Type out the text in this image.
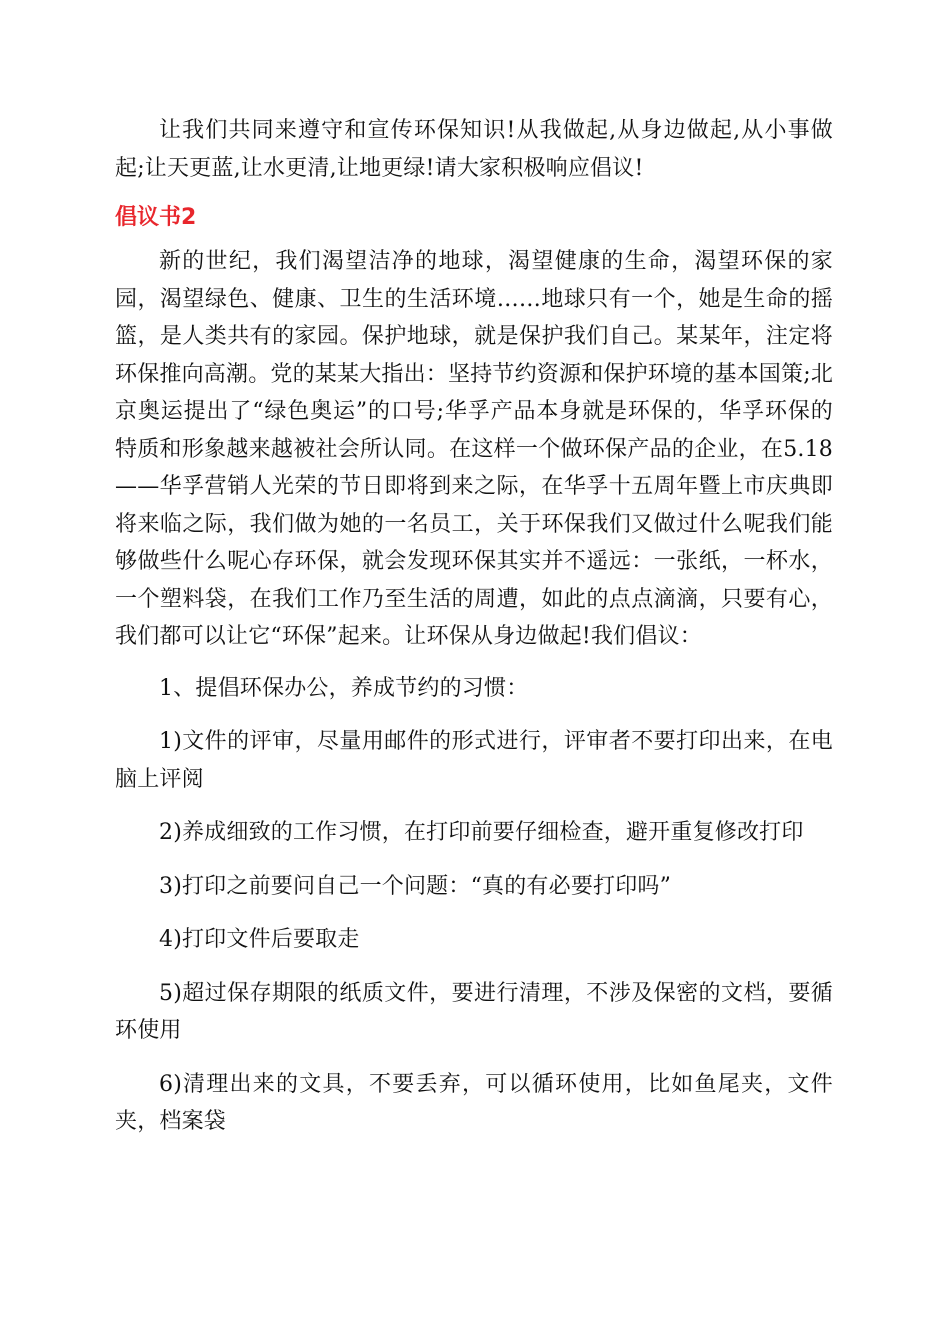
让我们共同来遵守和宣传环保知识!从我做起,从身边做起,从小事做起;让天更蓝,让水更清,让地更绿!请大家积极响应倡议!

倡议书2

新的世纪，我们渴望洁净的地球，渴望健康的生命，渴望环保的家园，渴望绿色、健康、卫生的生活环境……地球只有一个，她是生命的摇篮，是人类共有的家园。保护地球，就是保护我们自己。某某年，注定将环保推向高潮。党的某某大指出：坚持节约资源和保护环境的基本国策;北京奥运提出了“绿色奥运”的口号;华孚产品本身就是环保的，华孚环保的特质和形象越来越被社会所认同。在这样一个做环保产品的企业，在5.18——华孚营销人光荣的节日即将到来之际，在华孚十五周年暨上市庆典即将来临之际，我们做为她的一名员工，关于环保我们又做过什么呢我们能够做些什么呢心存环保，就会发现环保其实并不遥远：一张纸，一杯水，一个塑料袋，在我们工作乃至生活的周遭，如此的点点滴滴，只要有心，我们都可以让它“环保”起来。让环保从身边做起!我们倡议：

1、提倡环保办公，养成节约的习惯：

1)文件的评审，尽量用邮件的形式进行，评审者不要打印出来，在电脑上评阅

2)养成细致的工作习惯，在打印前要仔细检查，避开重复修改打印

3)打印之前要问自己一个问题：“真的有必要打印吗”

4)打印文件后要取走

5)超过保存期限的纸质文件，要进行清理，不涉及保密的文档，要循环使用

6)清理出来的文具，不要丢弃，可以循环使用，比如鱼尾夹，文件夹，档案袋
